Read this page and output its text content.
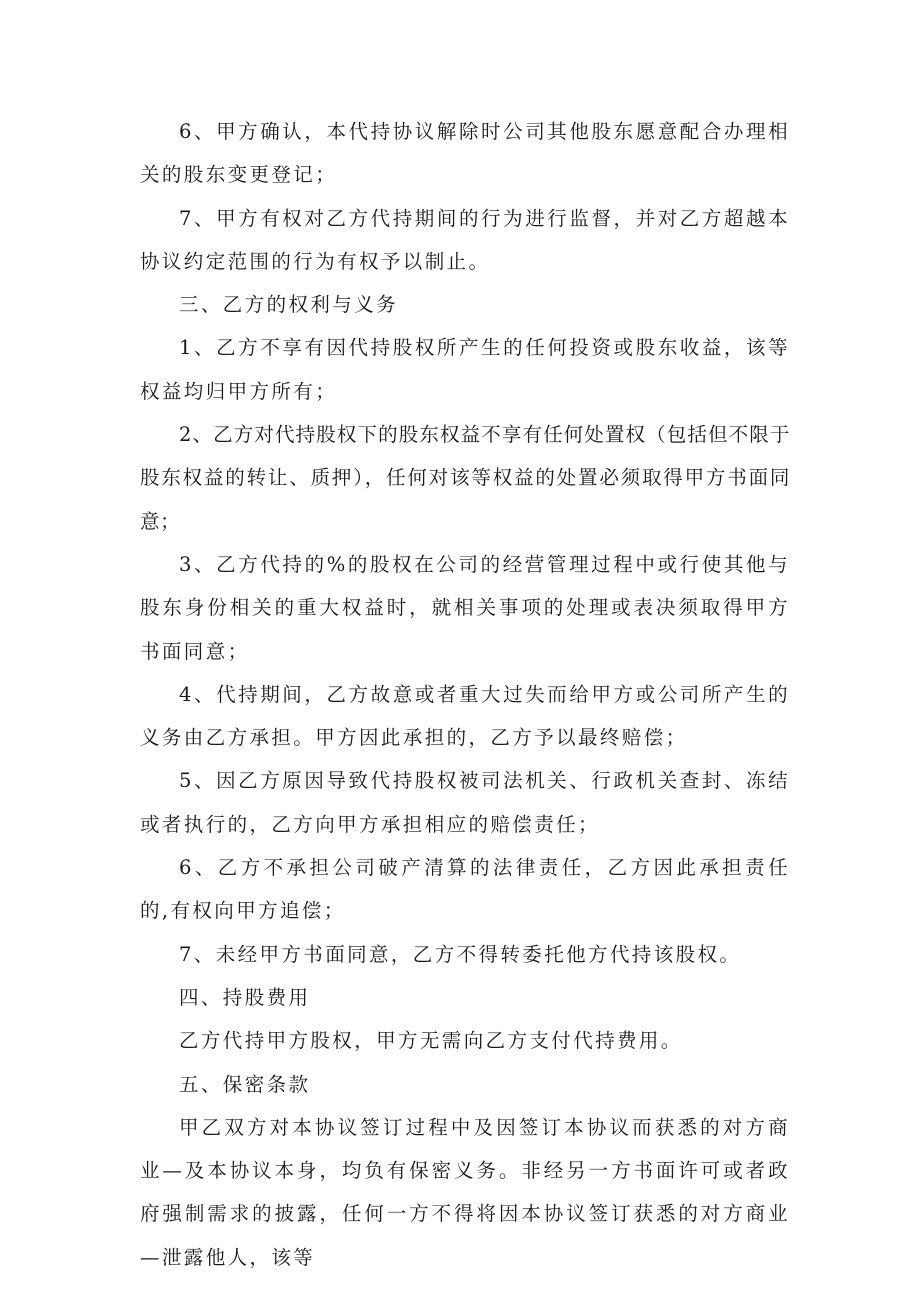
6、甲方确认，本代持协议解除时公司其他股东愿意配合办理相关的股东变更登记；

7、甲方有权对乙方代持期间的行为进行监督，并对乙方超越本协议约定范围的行为有权予以制止。

三、乙方的权利与义务

1、乙方不享有因代持股权所产生的任何投资或股东收益，该等权益均归甲方所有；

2、乙方对代持股权下的股东权益不享有任何处置权（包括但不限于股东权益的转让、质押），任何对该等权益的处置必须取得甲方书面同意；

3、乙方代持的%的股权在公司的经营管理过程中或行使其他与股东身份相关的重大权益时，就相关事项的处理或表决须取得甲方书面同意；

4、代持期间，乙方故意或者重大过失而给甲方或公司所产生的义务由乙方承担。甲方因此承担的，乙方予以最终赔偿；

5、因乙方原因导致代持股权被司法机关、行政机关查封、冻结或者执行的，乙方向甲方承担相应的赔偿责任；

6、乙方不承担公司破产清算的法律责任，乙方因此承担责任的,有权向甲方追偿；

7、未经甲方书面同意，乙方不得转委托他方代持该股权。

四、持股费用

乙方代持甲方股权，甲方无需向乙方支付代持费用。

五、保密条款

甲乙双方对本协议签订过程中及因签订本协议而获悉的对方商业—及本协议本身，均负有保密义务。非经另一方书面许可或者政府强制需求的披露，任何一方不得将因本协议签订获悉的对方商业—泄露他人，该等
